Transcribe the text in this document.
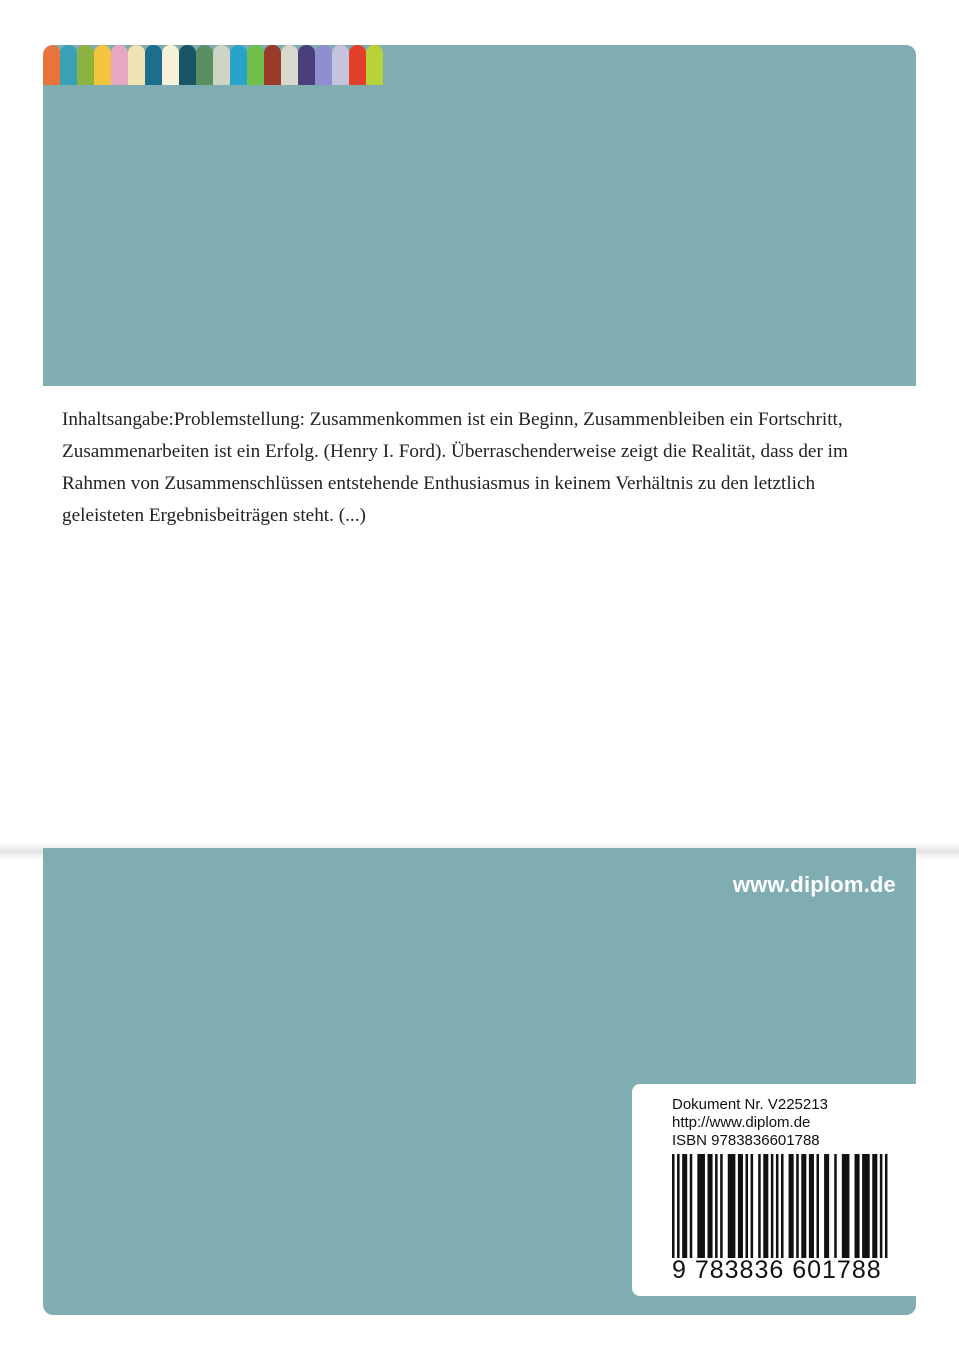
Inhaltsangabe:Problemstellung: Zusammenkommen ist ein Beginn, Zusammenbleiben ein Fortschritt, Zusammenarbeiten ist ein Erfolg. (Henry I. Ford). Überraschenderweise zeigt die Realität, dass der im Rahmen von Zusammenschlüssen entstehende Enthusiasmus in keinem Verhältnis zu den letztlich geleisteten Ergebnisbeiträgen steht. (...)

www.diplom.de
Dokument Nr. V225213
http://www.diplom.de
ISBN 9783836601788
9 783836 601788
